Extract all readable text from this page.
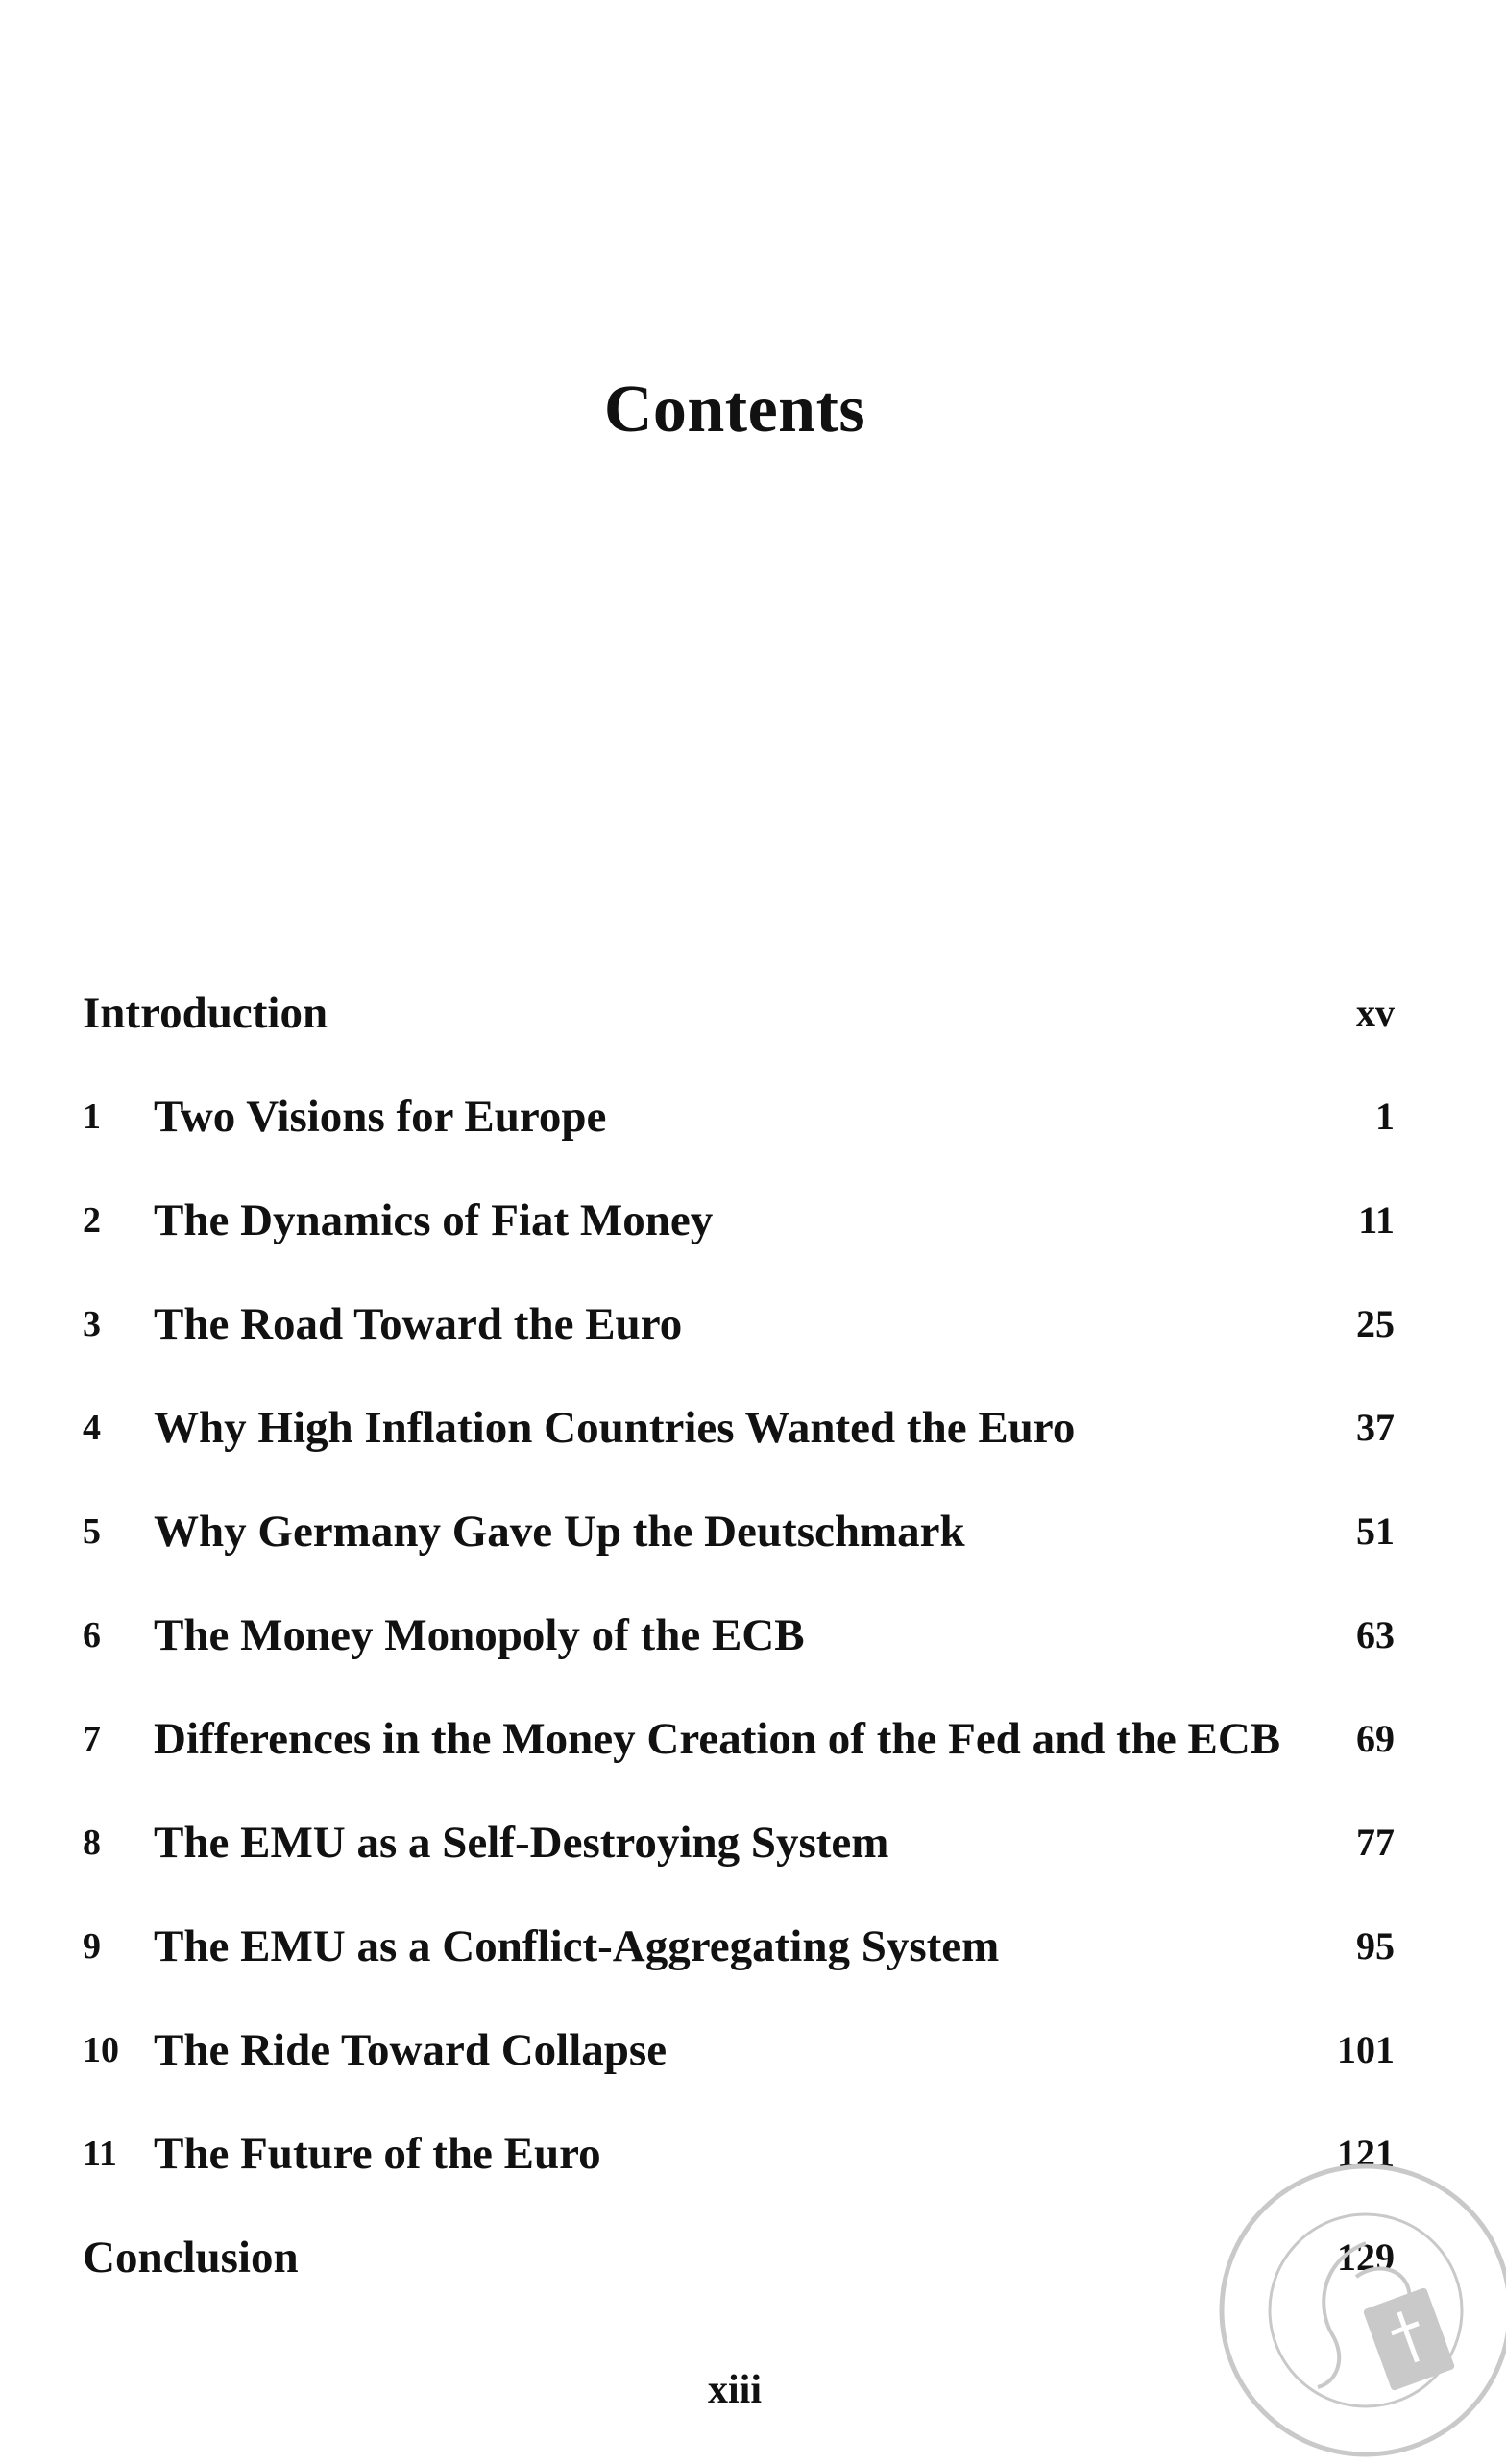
Contents
Introduction	xv
1 Two Visions for Europe	1
2 The Dynamics of Fiat Money	11
3 The Road Toward the Euro	25
4 Why High Inflation Countries Wanted the Euro	37
5 Why Germany Gave Up the Deutschmark	51
6 The Money Monopoly of the ECB	63
7 Differences in the Money Creation of the Fed and the ECB 69
8 The EMU as a Self-Destroying System	77
9 The EMU as a Conflict-Aggregating System	95
10 The Ride Toward Collapse	101
11 The Future of the Euro	121
Conclusion	129
xiii
